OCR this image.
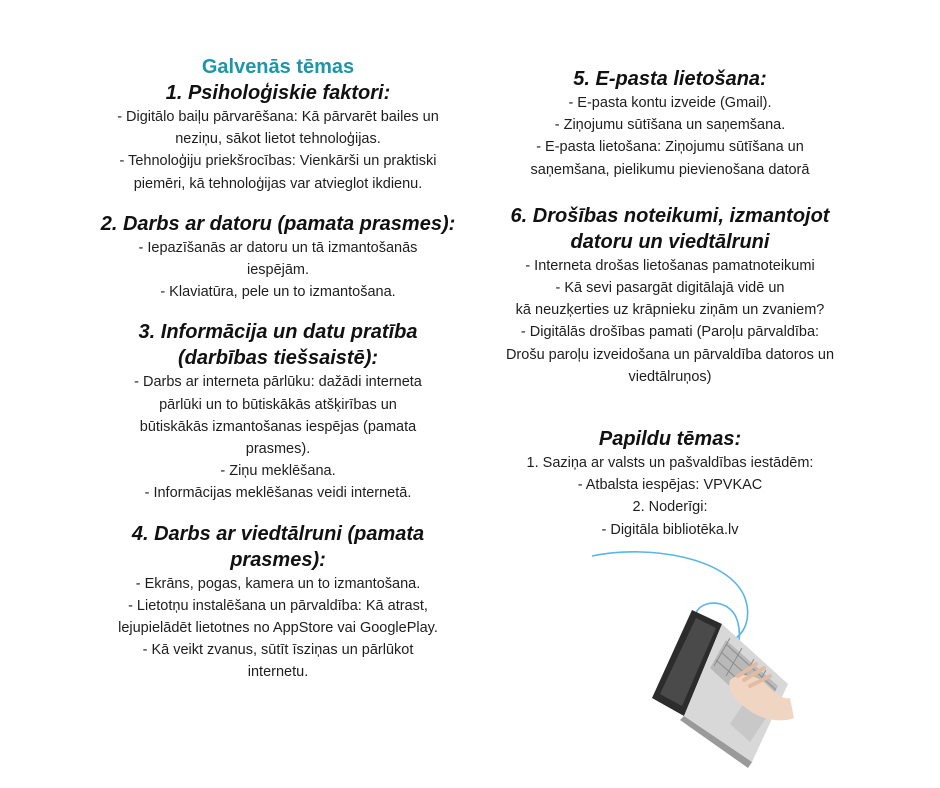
Galvenās tēmas

1. Psiholoģiskie faktori:

- Digitālo baiļu pārvarēšana: Kā pārvarēt bailes un

neziņu, sākot lietot tehnoloģijas.

- Tehnoloģiju priekšrocības: Vienkārši un praktiski

piemēri, kā tehnoloģijas var atvieglot ikdienu.

2. Darbs ar datoru (pamata prasmes):

- Iepazīšanās ar datoru un tā izmantošanās

iespējām.

- Klaviatūra, pele un to izmantošana.

3. Informācija un datu pratība

(darbības tiešsaistē):

- Darbs ar interneta pārlūku: dažādi interneta

pārlūki un to būtiskākās atšķirības un

būtiskākās izmantošanas iespējas (pamata

prasmes).

- Ziņu meklēšana.

- Informācijas meklēšanas veidi internetā.

4. Darbs ar viedtālruni (pamata

prasmes):

- Ekrāns, pogas, kamera un to izmantošana.

- Lietotņu instalēšana un pārvaldība: Kā atrast,

lejupielādēt lietotnes no AppStore vai GooglePlay.

- Kā veikt zvanus, sūtīt īsziņas un pārlūkot

internetu.

5. E-pasta lietošana:

- E-pasta kontu izveide (Gmail).

- Ziņojumu sūtīšana un saņemšana.

- E-pasta lietošana: Ziņojumu sūtīšana un

saņemšana, pielikumu pievienošana datorā

6. Drošības noteikumi, izmantojot

datoru un viedtālruni

- Interneta drošas lietošanas pamatnoteikumi

- Kā sevi pasargāt digitālajā vidē un

kā neuzķerties uz krāpnieku ziņām un zvaniem?

- Digitālās drošības pamati (Paroļu pārvaldība:

Drošu paroļu izveidošana un pārvaldība datoros un

viedtālruņos)

Papildu tēmas:

1. Saziņa ar valsts un pašvaldības iestādēm:

- Atbalsta iespējas: VPVKAC

2. Noderīgi:

- Digitāla bibliotēka.lv
